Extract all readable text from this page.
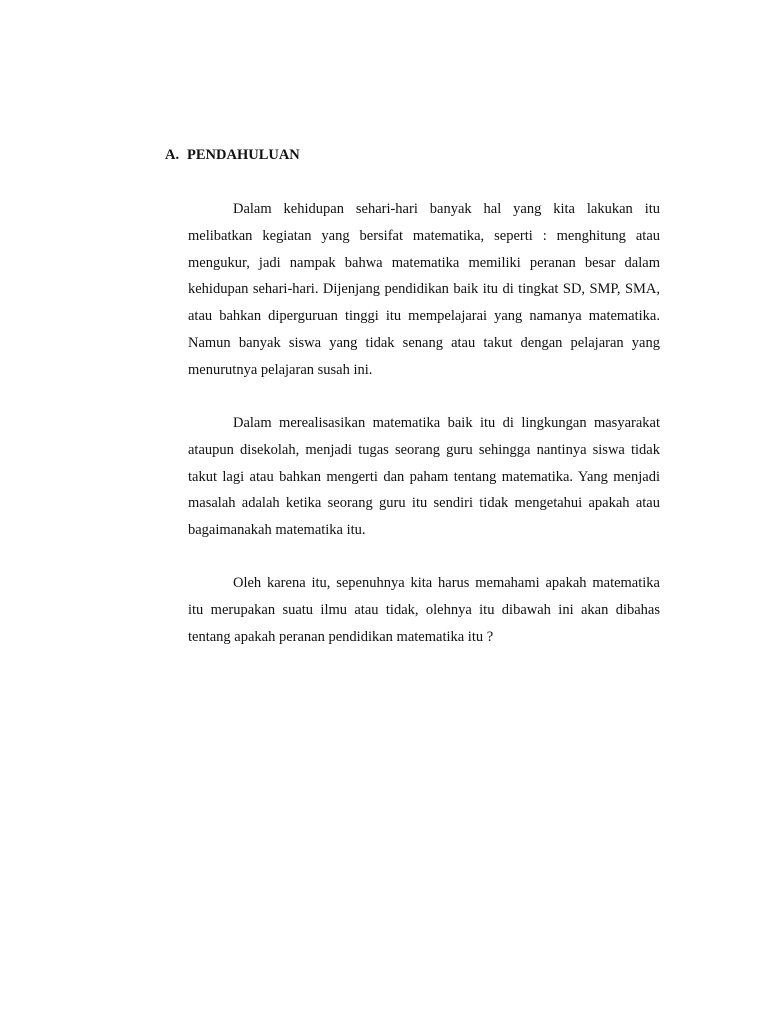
A. PENDAHULUAN

Dalam kehidupan sehari-hari banyak hal yang kita lakukan itu melibatkan kegiatan yang bersifat matematika, seperti : menghitung atau mengukur, jadi nampak bahwa matematika memiliki peranan besar dalam kehidupan sehari-hari. Dijenjang pendidikan baik itu di tingkat SD, SMP, SMA, atau bahkan diperguruan tinggi itu mempelajarai yang namanya matematika. Namun banyak siswa yang tidak senang atau takut dengan pelajaran yang menurutnya pelajaran susah ini.

Dalam merealisasikan matematika baik itu di lingkungan masyarakat ataupun disekolah, menjadi tugas seorang guru sehingga nantinya siswa tidak takut lagi atau bahkan mengerti dan paham tentang matematika. Yang menjadi masalah adalah ketika seorang guru itu sendiri tidak mengetahui apakah atau bagaimanakah matematika itu.

Oleh karena itu, sepenuhnya kita harus memahami apakah matematika itu merupakan suatu ilmu atau tidak, olehnya itu dibawah ini akan dibahas tentang apakah peranan pendidikan matematika itu ?
